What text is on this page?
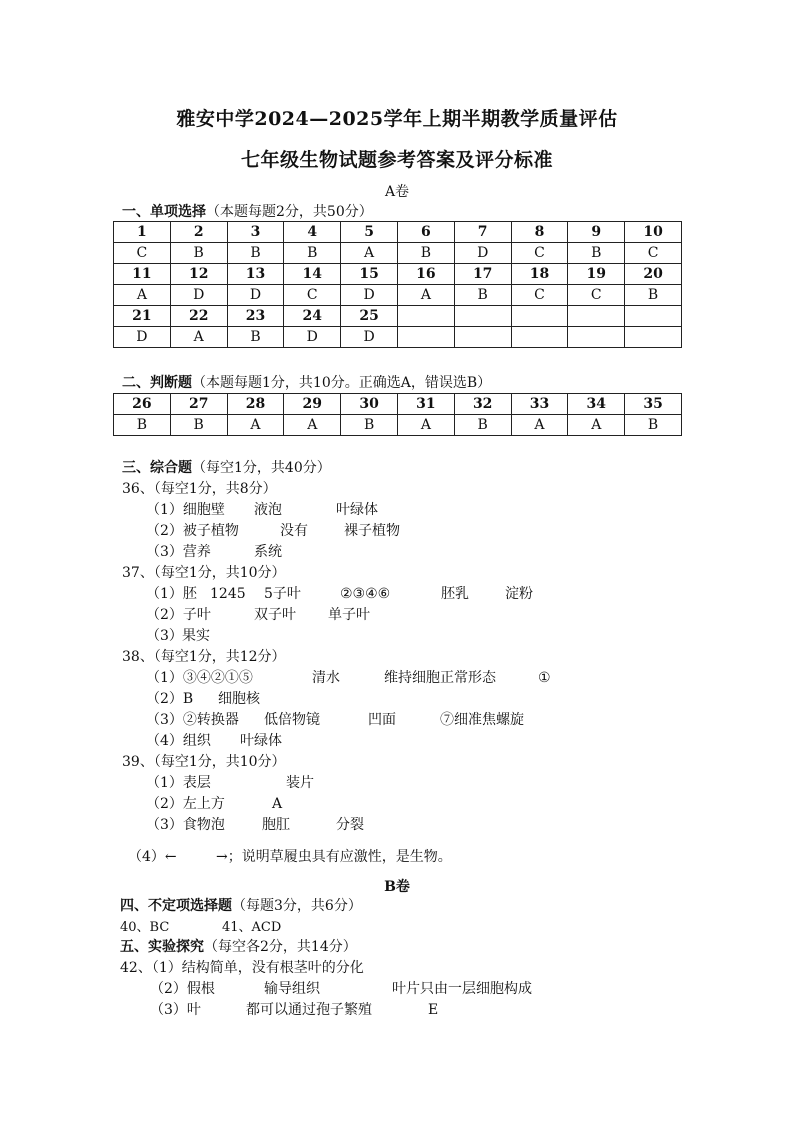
雅安中学2024—2025学年上期半期教学质量评估
七年级生物试题参考答案及评分标准
A卷
一、单项选择（本题每题2分，共50分）
1	2	3	4	5	6	7	8	9	10
C	B	B	B	A	B	D	C	B	C
11	12	13	14	15	16	17	18	19	20
A	D	D	C	D	A	B	C	C	B
21	22	23	24	25					
D	A	B	D	D					
二、判断题（本题每题1分，共10分。正确选A，错误选B）
26	27	28	29	30	31	32	33	34	35
B	B	A	A	B	A	B	A	A	B
三、综合题（每空1分，共40分）
36、（每空1分，共8分）
（1）细胞壁 液泡	叶绿体
（2）被子植物	没有	裸子植物
（3）营养	系统
37、（每空1分，共10分）
（1）胚 1245 5子叶	②③④⑥	胚乳	淀粉
（2）子叶	双子叶 单子叶
（3）果实
38、（每空1分，共12分）
（1）③④②①⑤	清水	维持细胞正常形态	①
（2）B 细胞核
（3）②转换器 低倍物镜	凹面	⑦细准焦螺旋
（4）组织 叶绿体
39、（每空1分，共10分）
（1）表层	装片
（2）左上方	A
（3）食物泡	胞肛	分裂
（4）←	→；说明草履虫具有应激性，是生物。
B卷
四、不定项选择题（每题3分，共6分）
40、BC	41、ACD
五、实验探究（每空各2分，共14分）
42、（1）结构简单，没有根茎叶的分化
（2）假根	输导组织	叶片只由一层细胞构成
（3）叶	都可以通过孢子繁殖	E
